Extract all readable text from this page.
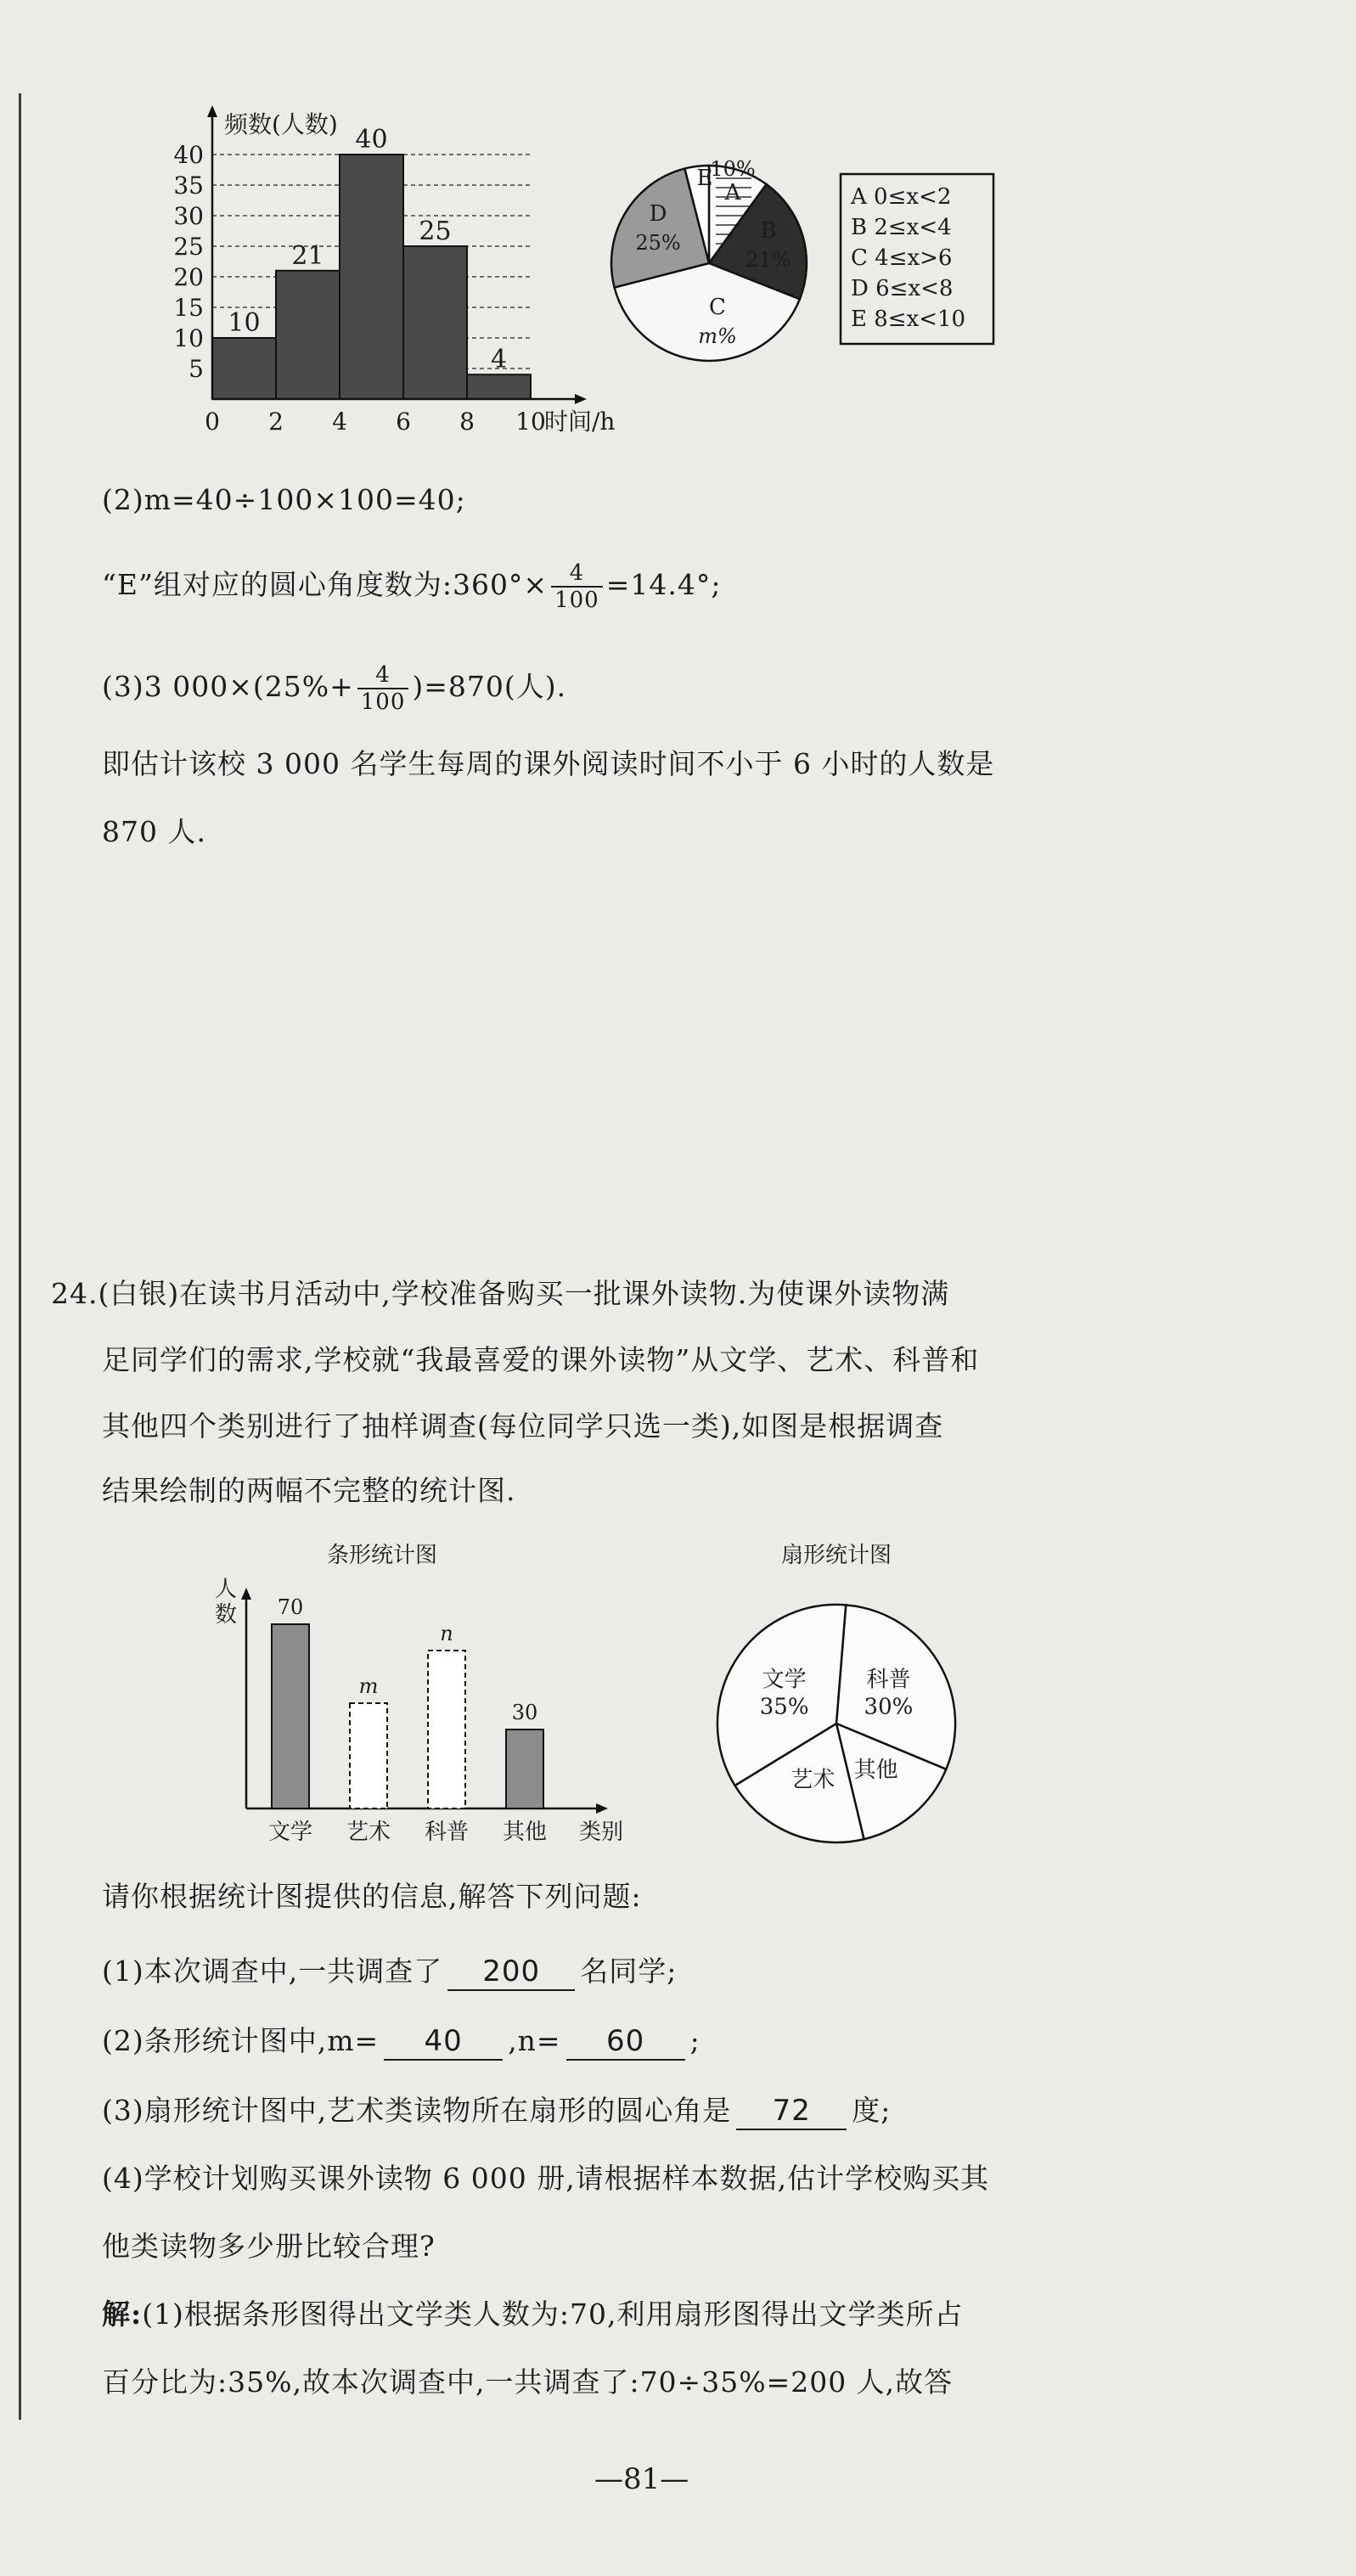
5
10
15
20
25
30
35
40
10
21
40
25
4
0 2 4 6 8 10
时间/h
频数(人数)
A
10%
B
21%
C
m%
D
25%
E
A 0≤x<2
B 2≤x<4
C 4≤x>6
D 6≤x<8
E 8≤x<10
(2)m=40÷100×100=40;
“E”组对应的圆心角度数为:360°× $\frac{4}{100} =14.4^\circ$;
(3)3 $000\times(25\%+ \frac{4}{100} )=870$(人).
即估计该校 3 000 名学生每周的课外阅读时间不小于 6 小时的人数是
870 人.
24.(白银)在读书月活动中,学校准备购买一批课外读物.为使课外读物满
足同学们的需求,学校就“我最喜爱的课外读物”从文学、艺术、科普和
其他四个类别进行了抽样调查(每位同学只选一类),如图是根据调查
结果绘制的两幅不完整的统计图.
条形统计图
人
数 70
文学
m
艺术
n
科普
30
其他 类别
扇形统计图
文学
35%
科普
30%
其他
艺术
请你根据统计图提供的信息,解答下列问题:
(1)本次调查中,一共调查了 200 名同学;
(2)条形统计图中,m= 40 ,n= 60 ;
(3)扇形统计图中,艺术类读物所在扇形的圆心角是 72 度;
(4)学校计划购买课外读物 6 000 册,请根据样本数据,估计学校购买其
他类读物多少册比较合理?
解:(1)根据条形图得出文学类人数为:70,利用扇形图得出文学类所占
百分比为:35%,故本次调查中,一共调查了:70÷35%=200 人,故答
—81—
